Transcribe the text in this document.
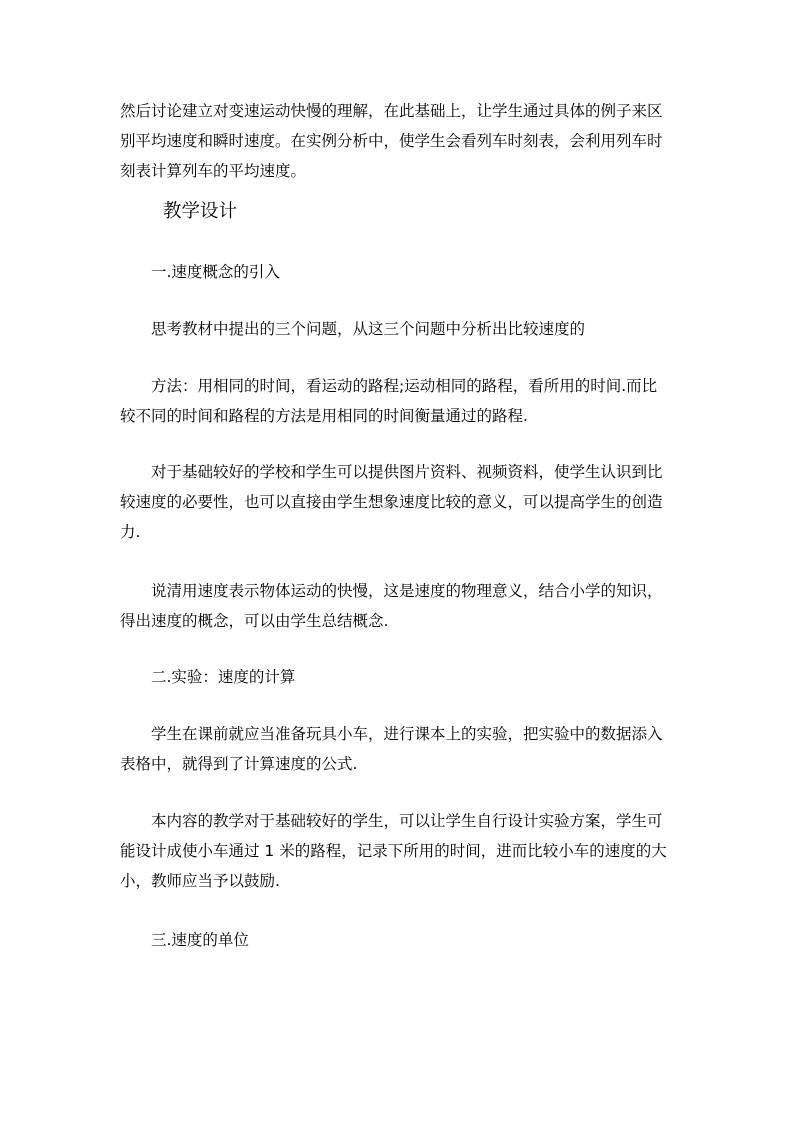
然后讨论建立对变速运动快慢的理解，在此基础上，让学生通过具体的例子来区
别平均速度和瞬时速度。在实例分析中，使学生会看列车时刻表，会利用列车时
刻表计算列车的平均速度。

教学设计

一.速度概念的引入

思考教材中提出的三个问题，从这三个问题中分析出比较速度的

方法：用相同的时间，看运动的路程;运动相同的路程，看所用的时间.而比
较不同的时间和路程的方法是用相同的时间衡量通过的路程.

对于基础较好的学校和学生可以提供图片资料、视频资料，使学生认识到比
较速度的必要性，也可以直接由学生想象速度比较的意义，可以提高学生的创造
力.

说清用速度表示物体运动的快慢，这是速度的物理意义，结合小学的知识，
得出速度的概念，可以由学生总结概念.

二.实验：速度的计算

学生在课前就应当准备玩具小车，进行课本上的实验，把实验中的数据添入
表格中，就得到了计算速度的公式.

本内容的教学对于基础较好的学生，可以让学生自行设计实验方案，学生可
能设计成使小车通过 1 米的路程，记录下所用的时间，进而比较小车的速度的大
小，教师应当予以鼓励.

三.速度的单位
